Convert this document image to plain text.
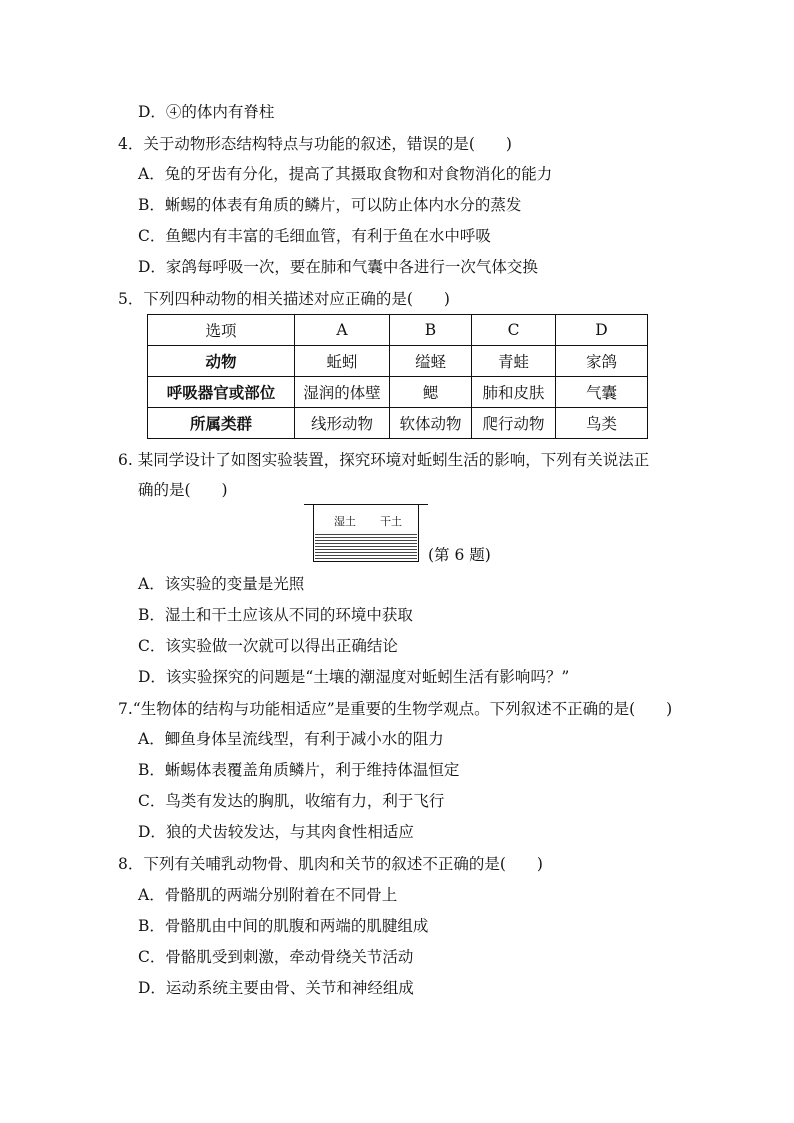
D．④的体内有脊柱
4．关于动物形态结构特点与功能的叙述，错误的是(　　)
A．兔的牙齿有分化，提高了其摄取食物和对食物消化的能力
B．蜥蜴的体表有角质的鳞片，可以防止体内水分的蒸发
C．鱼鳃内有丰富的毛细血管，有利于鱼在水中呼吸
D．家鸽每呼吸一次，要在肺和气囊中各进行一次气体交换
5．下列四种动物的相关描述对应正确的是(　　)
选项	A	B	C	D
动物	蚯蚓	缢蛏	青蛙	家鸽
呼吸器官或部位	湿润的体壁	鳃	肺和皮肤	气囊
所属类群	线形动物	软体动物	爬行动物	鸟类
6. 某同学设计了如图实验装置，探究环境对蚯蚓生活的影响，下列有关说法正
确的是(　　)
湿土 干土
(第 6 题)
A．该实验的变量是光照
B．湿土和干土应该从不同的环境中获取
C．该实验做一次就可以得出正确结论
D．该实验探究的问题是“土壤的潮湿度对蚯蚓生活有影响吗？”
7.“生物体的结构与功能相适应”是重要的生物学观点。下列叙述不正确的是(　　)
A．鲫鱼身体呈流线型，有利于减小水的阻力
B．蜥蜴体表覆盖角质鳞片，利于维持体温恒定
C．鸟类有发达的胸肌，收缩有力，利于飞行
D．狼的犬齿较发达，与其肉食性相适应
8．下列有关哺乳动物骨、肌肉和关节的叙述不正确的是(　　)
A．骨骼肌的两端分别附着在不同骨上
B．骨骼肌由中间的肌腹和两端的肌腱组成
C．骨骼肌受到刺激，牵动骨绕关节活动
D．运动系统主要由骨、关节和神经组成
